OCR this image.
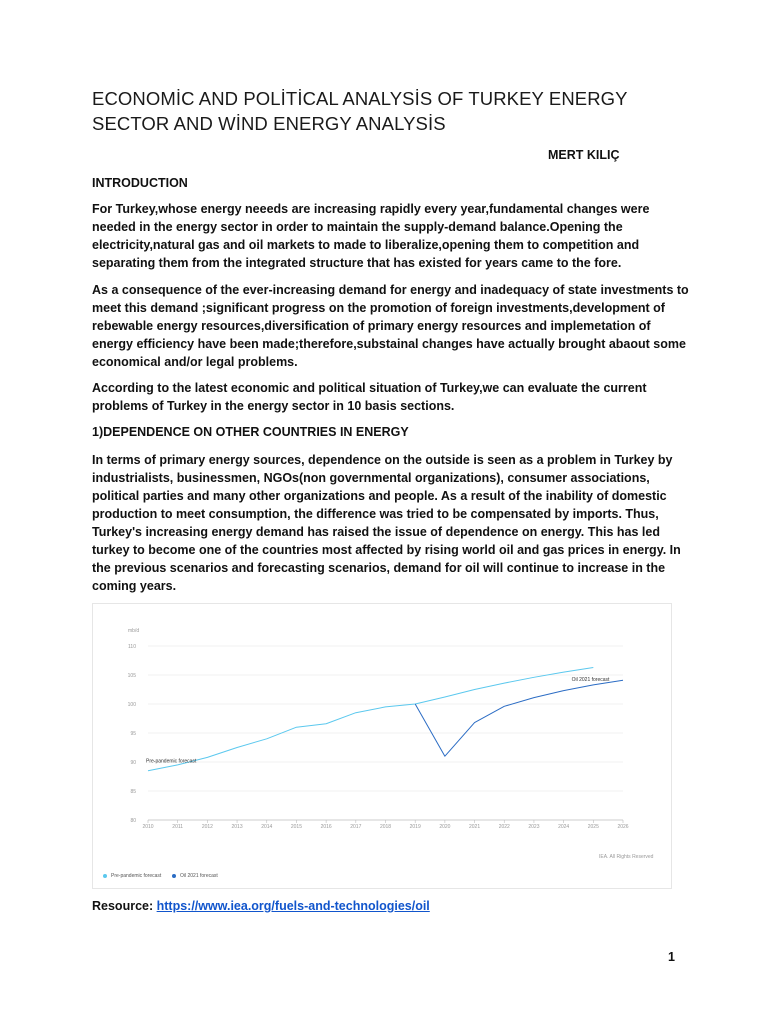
ECONOMİC AND POLİTİCAL ANALYSİS OF TURKEY ENERGY SECTOR AND WİND ENERGY ANALYSİS
MERT KILIÇ
INTRODUCTION

For Turkey,whose energy neeeds are increasing rapidly every year,fundamental changes were needed in the energy sector in order to maintain the supply-demand balance.Opening the electricity,natural gas and oil markets to made to liberalize,opening them to competition and separating them from the integrated structure that has existed for years came to the fore.

As a consequence of the ever-increasing demand for energy and inadequacy of state investments to meet this demand ;significant progress on the promotion of foreign investments,development of rebewable energy resources,diversification of primary energy resources and implemetation of energy efficiency have been made;therefore,substainal changes have actually brought abaout some economical and/or legal problems.

According to the latest economic and political situation of Turkey,we can evaluate the current problems of Turkey in the energy sector in 10 basis sections.

1)DEPENDENCE ON OTHER COUNTRIES IN ENERGY

In terms of primary energy sources, dependence on the outside is seen as a problem in Turkey by industrialists, businessmen, NGOs(non governmental organizations), consumer associations, political parties and many other organizations and people. As a result of the inability of domestic production to meet consumption, the difference was tried to be compensated by imports. Thus, Turkey's increasing energy demand has raised the issue of dependence on energy. This has led turkey to become one of the countries most affected by rising world oil and gas prices in energy. In the previous scenarios and forecasting scenarios, demand for oil will continue to increase in the coming years.

mb/d
80
85
90
95
100
105
110
2010	2011	2012	2013	2014	2015	2016	2017	2018	2019	2020	2021	2022	2023	2024	2025	2026
Pre-pandemic forecast
Oil 2021 forecast
IEA. All Rights Reserved
Pre-pandemic forecast	Oil 2021 forecast
Resource: https://www.iea.org/fuels-and-technologies/oil
1
